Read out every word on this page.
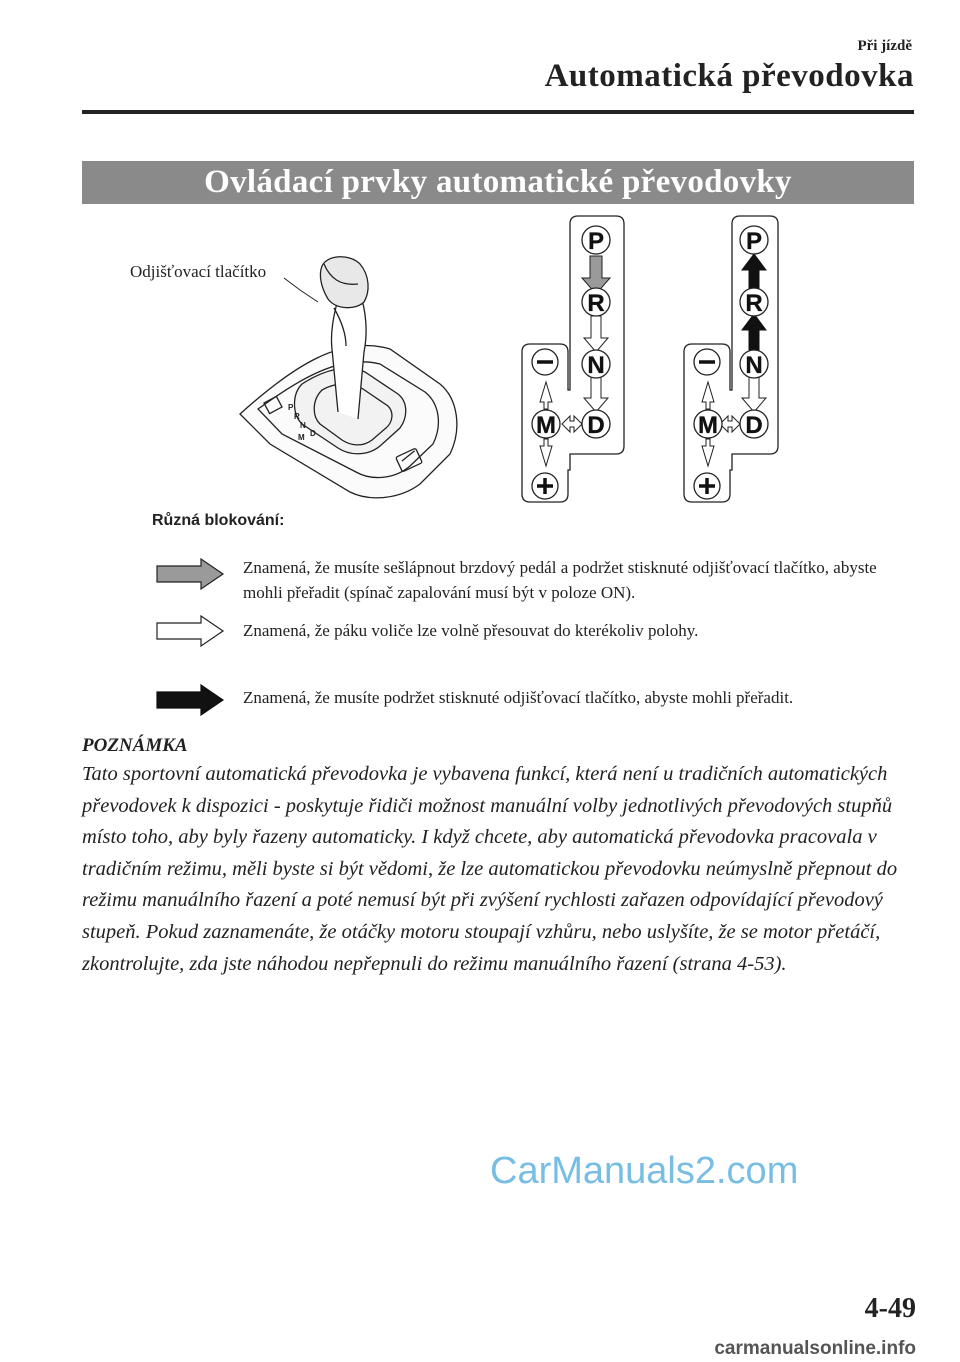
Při jízdě
Automatická převodovka
Ovládací prvky automatické převodovky
Odjišťovací tlačítko
P
R
N
D
M
P
R
N
D
M
P
R
N
D
M
Různá blokování:
Znamená, že musíte sešlápnout brzdový pedál a podržet stisknuté odjišťovací tlačítko, abyste mohli přeřadit (spínač zapalování musí být v poloze ON).
Znamená, že páku voliče lze volně přesouvat do kterékoliv polohy.
Znamená, že musíte podržet stisknuté odjišťovací tlačítko, abyste mohli přeřadit.
POZNÁMKA
Tato sportovní automatická převodovka je vybavena funkcí, která není u tradičních automatických převodovek k dispozici - poskytuje řidiči možnost manuální volby jednotlivých převodových stupňů místo toho, aby byly řazeny automaticky. I když chcete, aby automatická převodovka pracovala v tradičním režimu, měli byste si být vědomi, že lze automatickou převodovku neúmyslně přepnout do režimu manuálního řazení a poté nemusí být při zvýšení rychlosti zařazen odpovídající převodový stupeň. Pokud zaznamenáte, že otáčky motoru stoupají vzhůru, nebo uslyšíte, že se motor přetáčí, zkontrolujte, zda jste náhodou nepřepnuli do režimu manuálního řazení (strana 4-53).
CarManuals2.com
4-49
carmanualsonline.info
